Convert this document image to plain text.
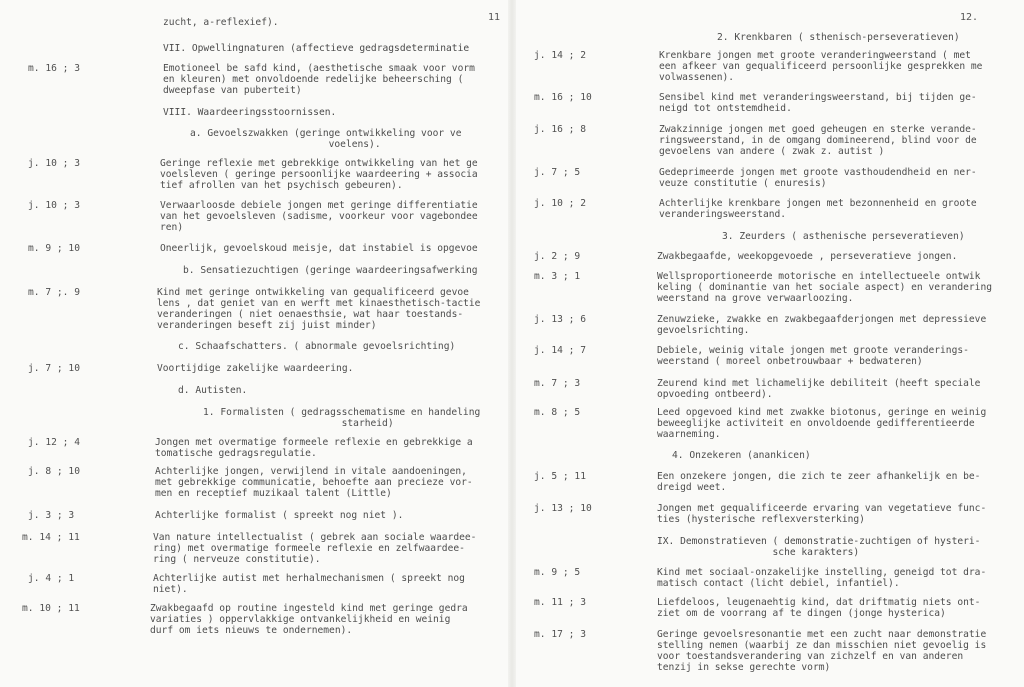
11
zucht, a-reflexief).
VII. Opwellingnaturen (affectieve gedragsdeterminatie
m. 16 ; 3	Emotioneel be safd kind, (aesthetische smaak voor vorm
en kleuren) met onvoldoende redelijke beheersching (
dweepfase van puberteit)
VIII. Waardeeringsstoornissen.
a. Gevoelszwakken (geringe ontwikkeling voor ve
voelens).
j. 10 ; 3	Geringe reflexie met gebrekkige ontwikkeling van het ge
voelsleven ( geringe persoonlijke waardeering + associa
tief afrollen van het psychisch gebeuren).
j. 10 ; 3	Verwaarloosde debiele jongen met geringe differentiatie
van het gevoelsleven (sadisme, voorkeur voor vagebondee
ren)
m. 9 ; 10	Oneerlijk, gevoelskoud meisje, dat instabiel is opgevoe
b. Sensatiezuchtigen (geringe waardeeringsafwerking
m. 7 ;. 9	Kind met geringe ontwikkeling van gequalificeerd gevoe
lens , dat geniet van en werft met kinaesthetisch-tactie
veranderingen ( niet oenaesthsie, wat haar toestands-
veranderingen beseft zij juist minder)
c. Schaafschatters. ( abnormale gevoelsrichting)
j. 7 ; 10	Voortijdige zakelijke waardeering.
d. Autisten.
1. Formalisten ( gedragsschematisme en handeling
starheid)
j. 12 ; 4	Jongen met overmatige formeele reflexie en gebrekkige a
tomatische gedragsregulatie.
j. 8 ; 10	Achterlijke jongen, verwijlend in vitale aandoeningen,
met gebrekkige communicatie, behoefte aan precieze vor-
men en receptief muzikaal talent (Little)
j. 3 ; 3	Achterlijke formalist ( spreekt nog niet ).
m. 14 ; 11	Van nature intellectualist ( gebrek aan sociale waardee-
ring) met overmatige formeele reflexie en zelfwaardee-
ring ( nerveuze constitutie).
j. 4 ; 1	Achterlijke autist met herhalmechanismen ( spreekt nog
niet).
m. 10 ; 11	Zwakbegaafd op routine ingesteld kind met geringe gedra
variaties ) oppervlakkige ontvankelijkheid en weinig
durf om iets nieuws te ondernemen).
12.
2. Krenkbaren ( sthenisch-perseveratieven)
j. 14 ; 2	Krenkbare jongen met groote veranderingweerstand ( met
een afkeer van gequalificeerd persoonlijke gesprekken me
volwassenen).
m. 16 ; 10	Sensibel kind met veranderingsweerstand, bij tijden ge-
neigd tot ontstemdheid.
j. 16 ; 8	Zwakzinnige jongen met goed geheugen en sterke verande-
ringsweerstand, in de omgang domineerend, blind voor de
gevoelens van andere ( zwak z. autist )
j. 7 ; 5	Gedeprimeerde jongen met groote vasthoudendheid en ner-
veuze constitutie ( enuresis)
j. 10 ; 2	Achterlijke krenkbare jongen met bezonnenheid en groote
veranderingsweerstand.
3. Zeurders ( asthenische perseveratieven)
j. 2 ; 9	Zwakbegaafde, weekopgevoede , perseveratieve jongen.
m. 3 ; 1	Wellsproportioneerde motorische en intellectueele ontwik
keling ( dominantie van het sociale aspect) en verandering
weerstand na grove verwaarloozing.
j. 13 ; 6	Zenuwzieke, zwakke en zwakbegaafderjongen met depressieve
gevoelsrichting.
j. 14 ; 7	Debiele, weinig vitale jongen met groote veranderings-
weerstand ( moreel onbetrouwbaar + bedwateren)
m. 7 ; 3	Zeurend kind met lichamelijke debiliteit (heeft speciale
opvoeding ontbeerd).
m. 8 ; 5	Leed opgevoed kind met zwakke biotonus, geringe en weinig
beweeglijke activiteit en onvoldoende gedifferentieerde
waarneming.
4. Onzekeren (anankicen)
j. 5 ; 11	Een onzekere jongen, die zich te zeer afhankelijk en be-
dreigd weet.
j. 13 ; 10	Jongen met gequalificeerde ervaring van vegetatieve func-
ties (hysterische reflexversterking)
IX. Demonstratieven ( demonstratie-zuchtigen of hysteri-
sche karakters)
m. 9 ; 5	Kind met sociaal-onzakelijke instelling, geneigd tot dra-
matisch contact (licht debiel, infantiel).
m. 11 ; 3	Liefdeloos, leugenaehtig kind, dat driftmatig niets ont-
ziet om de voorrang af te dingen (jonge hysterica)
m. 17 ; 3	Geringe gevoelsresonantie met een zucht naar demonstratie
stelling nemen (waarbij ze dan misschien niet gevoelig is
voor toestandsverandering van zichzelf en van anderen
tenzij in sekse gerechte vorm)
